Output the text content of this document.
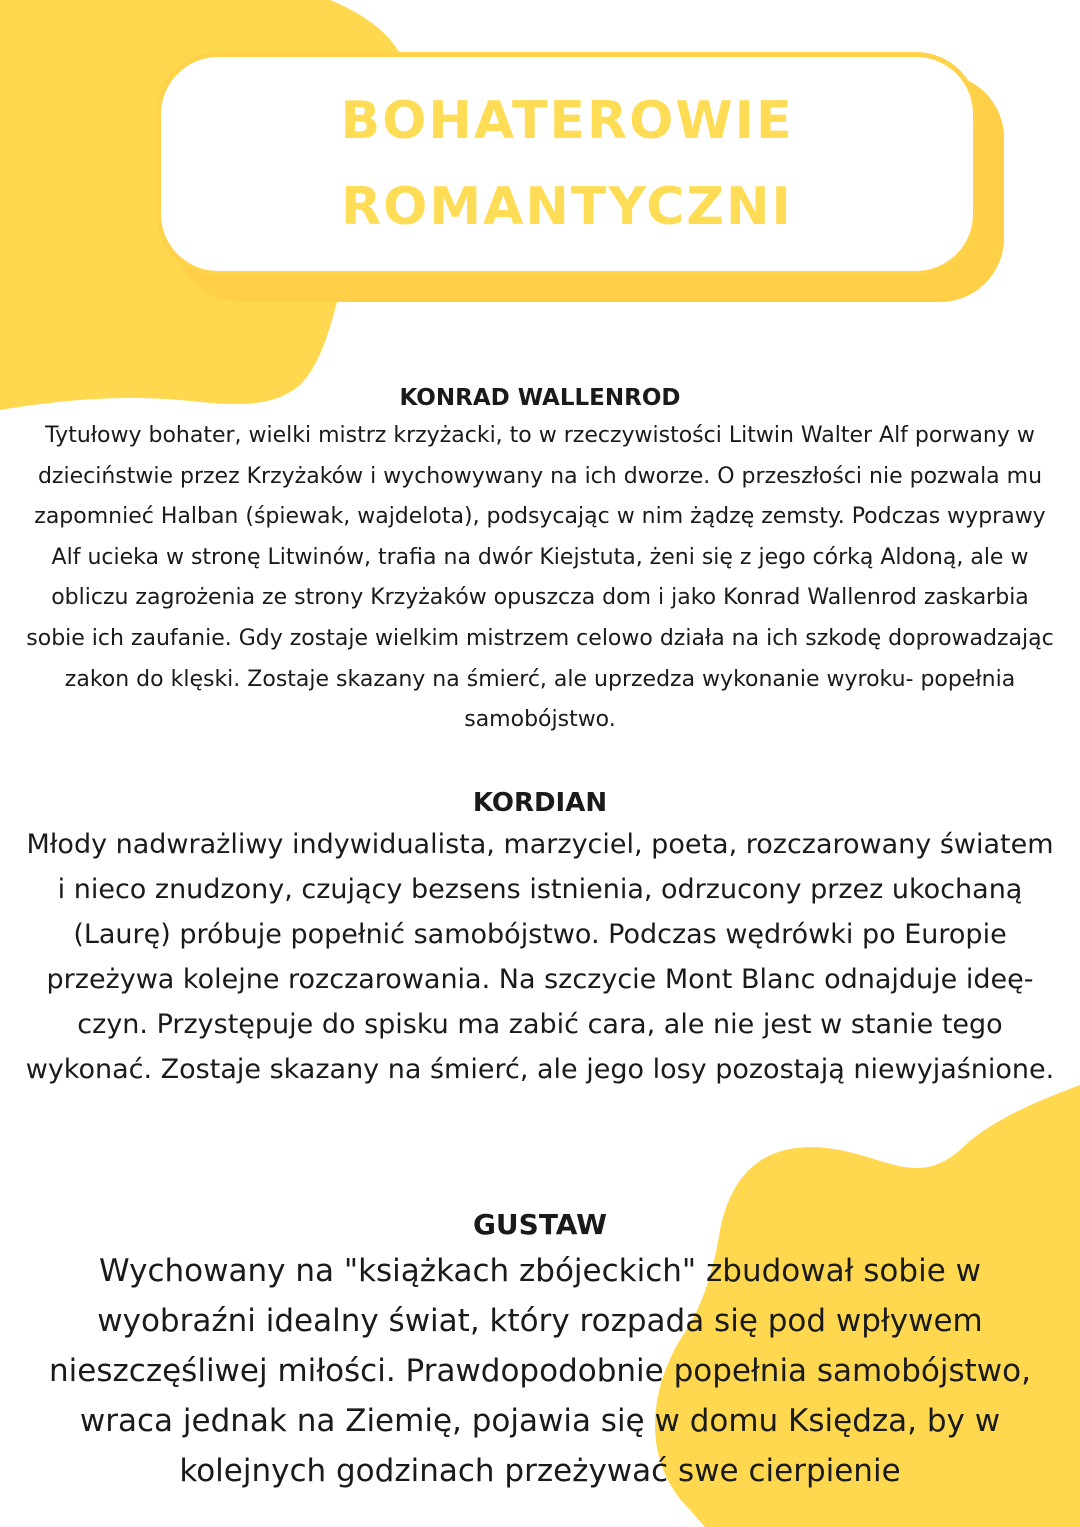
BOHATEROWIE
ROMANTYCZNI
KONRAD WALLENROD
Tytułowy bohater, wielki mistrz krzyżacki, to w rzeczywistości Litwin Walter Alf porwany w dzieciństwie przez Krzyżaków i wychowywany na ich dworze. O przeszłości nie pozwala mu zapomnieć Halban (śpiewak, wajdelota), podsycając w nim żądzę zemsty. Podczas wyprawy Alf ucieka w stronę Litwinów, trafia na dwór Kiejstuta, żeni się z jego córką Aldoną, ale w obliczu zagrożenia ze strony Krzyżaków opuszcza dom i jako Konrad Wallenrod zaskarbia sobie ich zaufanie. Gdy zostaje wielkim mistrzem celowo działa na ich szkodę doprowadzając zakon do klęski. Zostaje skazany na śmierć, ale uprzedza wykonanie wyroku- popełnia samobójstwo.
KORDIAN
Młody nadwrażliwy indywidualista, marzyciel, poeta, rozczarowany światem i nieco znudzony, czujący bezsens istnienia, odrzucony przez ukochaną (Laurę) próbuje popełnić samobójstwo. Podczas wędrówki po Europie przeżywa kolejne rozczarowania. Na szczycie Mont Blanc odnajduje ideę- czyn. Przystępuje do spisku ma zabić cara, ale nie jest w stanie tego wykonać. Zostaje skazany na śmierć, ale jego losy pozostają niewyjaśnione.
GUSTAW
Wychowany na "książkach zbójeckich" zbudował sobie w wyobraźni idealny świat, który rozpada się pod wpływem nieszczęśliwej miłości. Prawdopodobnie popełnia samobójstwo, wraca jednak na Ziemię, pojawia się w domu Księdza, by w kolejnych godzinach przeżywać swe cierpienie
